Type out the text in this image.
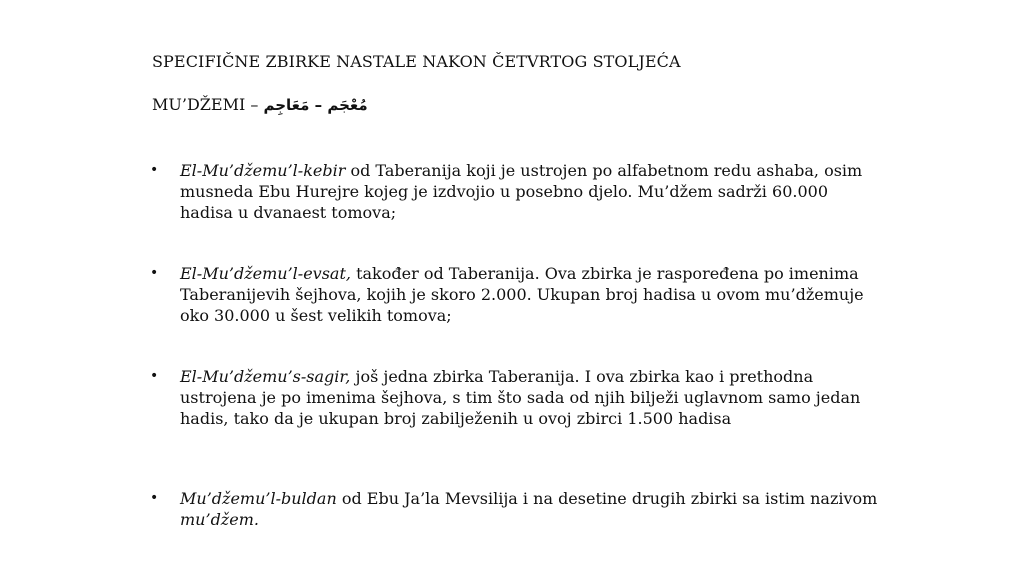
SPECIFIČNE ZBIRKE NASTALE NAKON ČETVRTOG STOLJEĆA
MU’DŽEMI – مُعْجَم – مَعَاجِم
• El-Mu’džemu’l-kebir od Taberanija koji je ustrojen po alfabetnom redu ashaba, osim musneda Ebu Hurejre kojeg je izdvojio u posebno djelo. Mu’džem sadrži 60.000 hadisa u dvanaest tomova;
• El-Mu’džemu’l-evsat, također od Taberanija. Ova zbirka je raspoređena po imenima Taberanijevih šejhova, kojih je skoro 2.000. Ukupan broj hadisa u ovom mu’džemuje oko 30.000 u šest velikih tomova;
• El-Mu’džemu’s-sagir, još jedna zbirka Taberanija. I ova zbirka kao i prethodna ustrojena je po imenima šejhova, s tim što sada od njih bilježi uglavnom samo jedan hadis, tako da je ukupan broj zabilježenih u ovoj zbirci 1.500 hadisa
• Mu’džemu’l-buldan od Ebu Ja’la Mevsilija i na desetine drugih zbirki sa istim nazivom mu’džem.
